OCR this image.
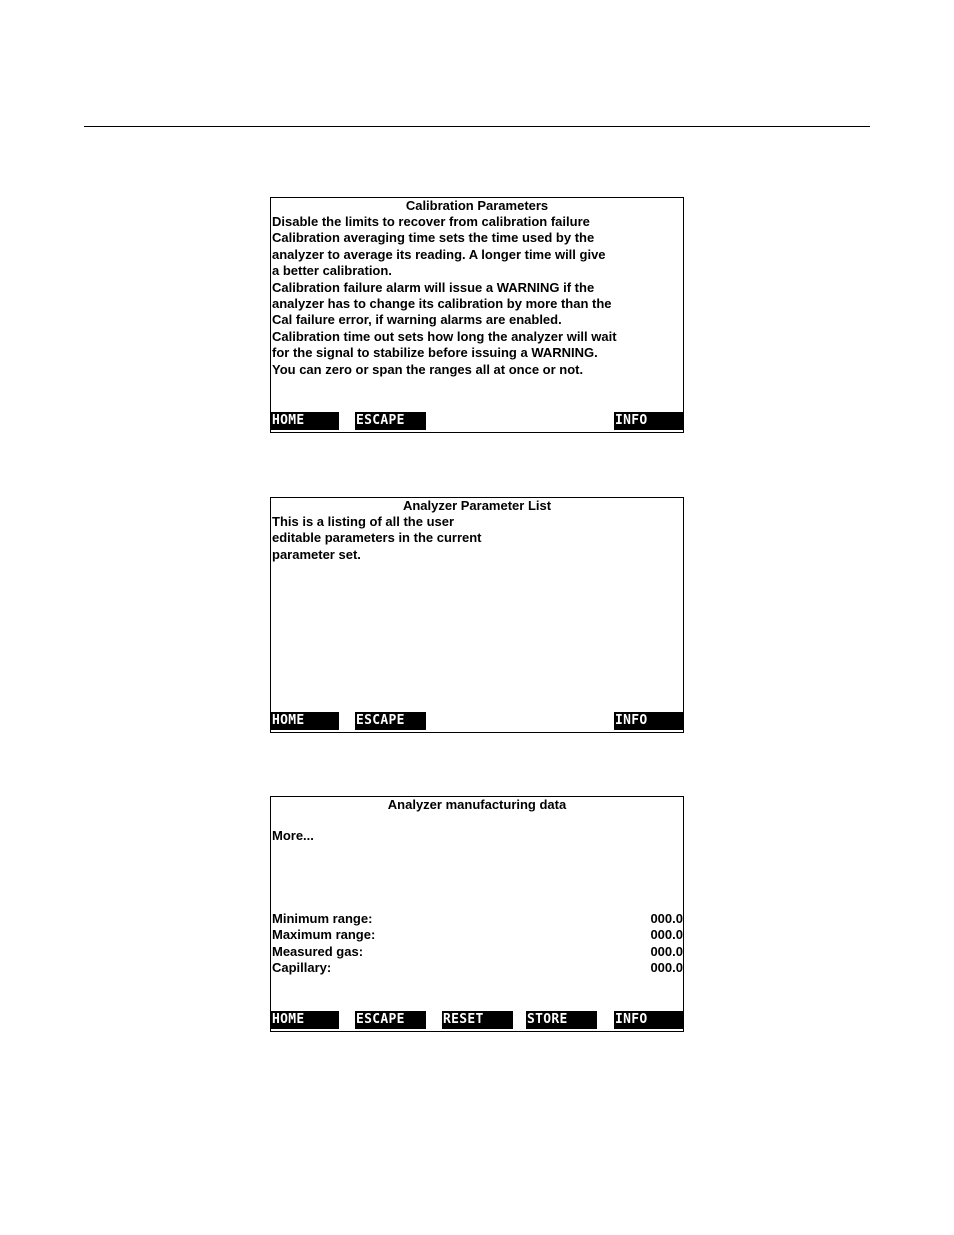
Calibration Parameters
Disable the limits to recover from calibration failure
Calibration averaging time sets the time used by the
analyzer to average its reading. A longer time will give
a better calibration.
Calibration failure alarm will issue a WARNING if the
analyzer has to change its calibration by more than the
Cal failure error, if warning alarms are enabled.
Calibration time out sets how long the analyzer will wait
for the signal to stabilize before issuing a WARNING.
You can zero or span the ranges all at once or not.
HOME	ESCAPE	INFO
Analyzer Parameter List
This is a listing of all the user
editable parameters in the current
parameter set.
HOME	ESCAPE	INFO
Analyzer manufacturing data
More...
Minimum range:	000.0
Maximum range:	000.0
Measured gas:	000.0
Capillary:	000.0
HOME	ESCAPE	RESET	STORE	INFO
